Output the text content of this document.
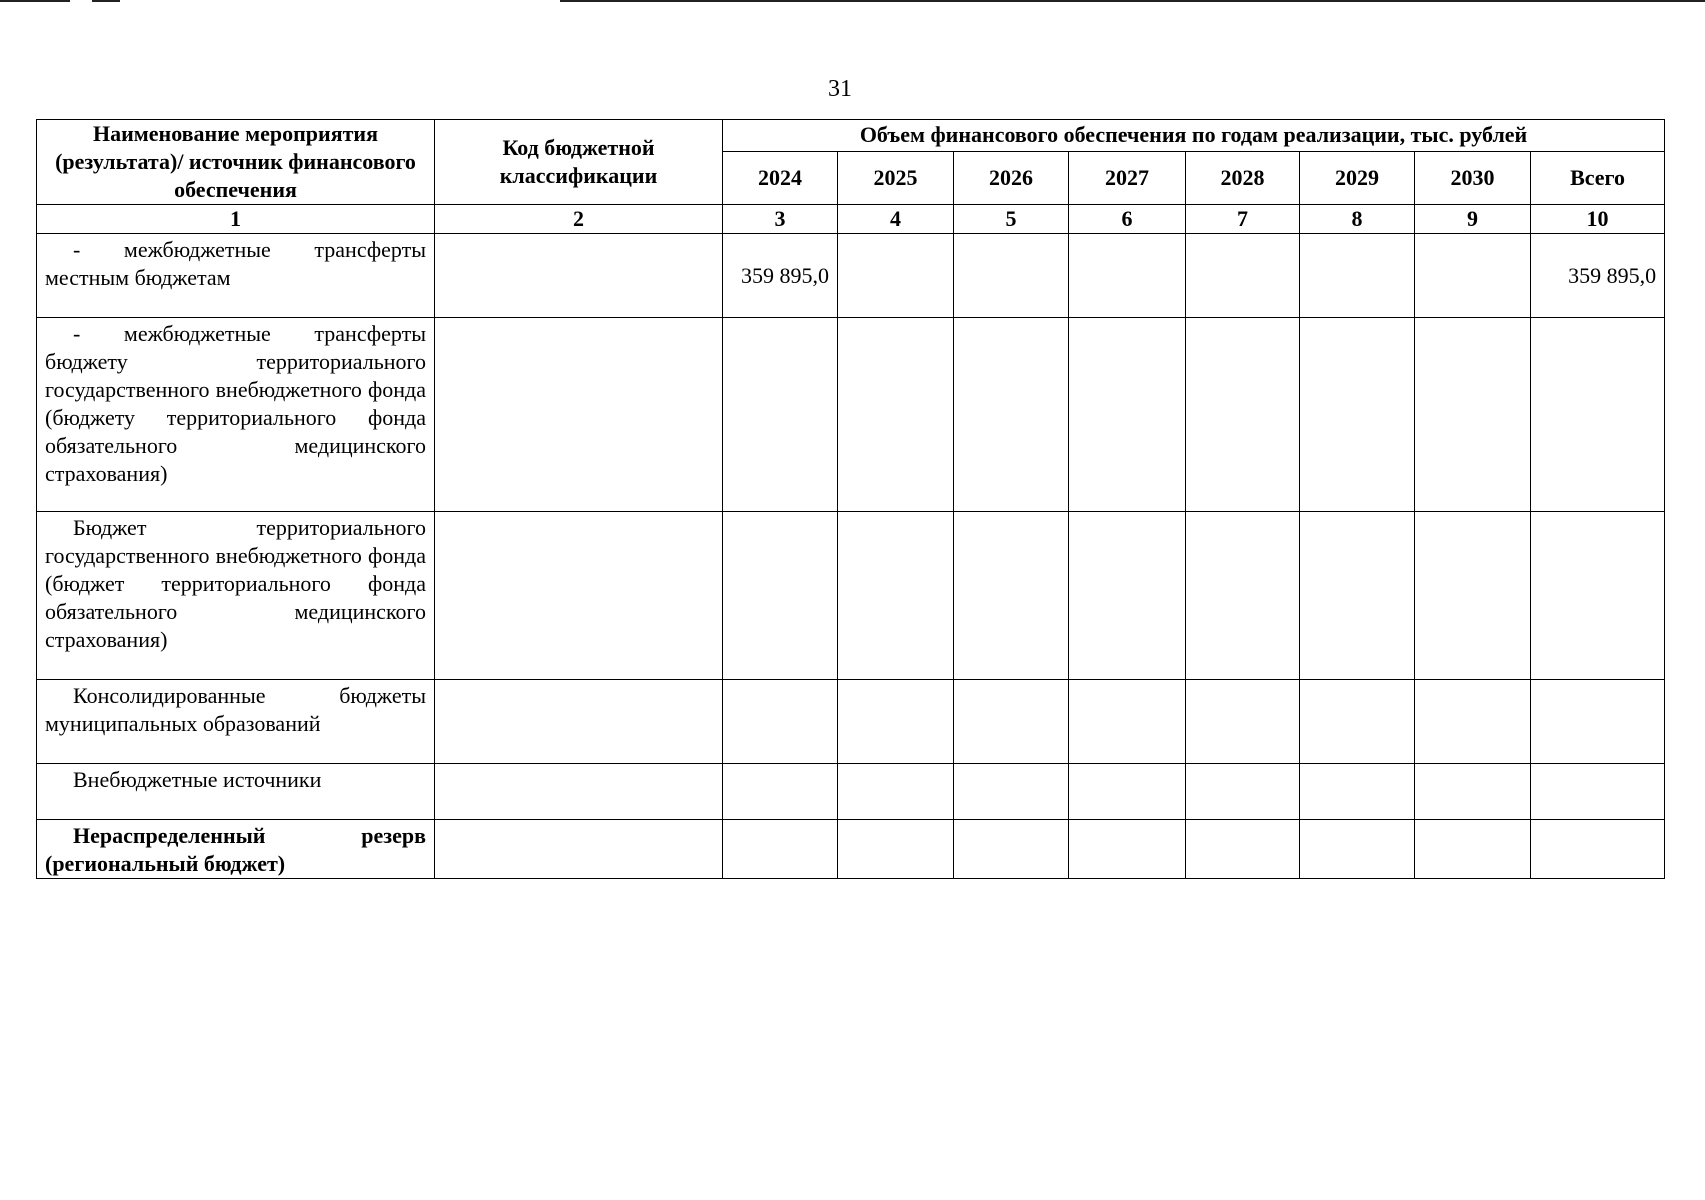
31
Наименование мероприятия (результата)/ источник финансового обеспечения	Код бюджетной классификации	Объем финансового обеспечения по годам реализации, тыс. рублей							
		2024	2025	2026	2027	2028	2029	2030	Всего
1	2	3	4	5	6	7	8	9	10
- межбюджетные трансферты местным бюджетам		359 895,0							359 895,0
- межбюджетные трансферты бюджету территориального государственного внебюджетного фонда (бюджету территориального фонда обязательного медицинского страхования)									
Бюджет территориального государственного внебюджетного фонда (бюджет территориального фонда обязательного медицинского страхования)									
Консолидированные бюджеты муниципальных образований									
Внебюджетные источники									
Нераспределенный резерв (региональный бюджет)									
